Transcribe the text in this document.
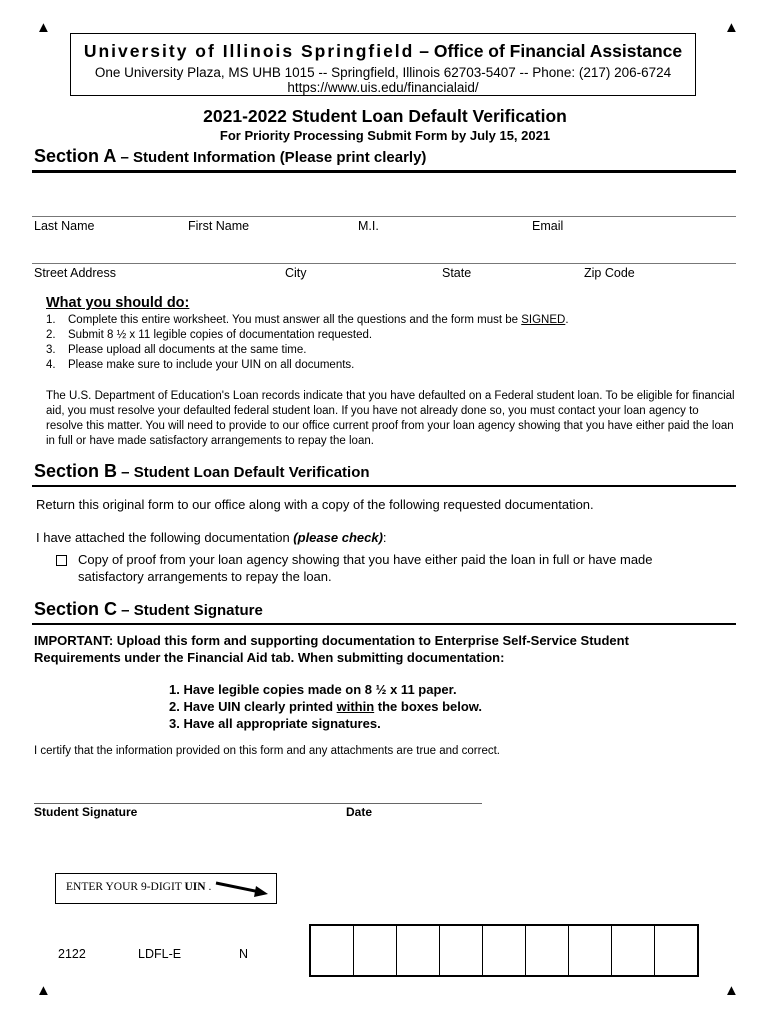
▲	▲
▲	▲
University of Illinois Springfield – Office of Financial Assistance
One University Plaza, MS UHB 1015 -- Springfield, Illinois 62703-5407 -- Phone: (217) 206-6724
https://www.uis.edu/financialaid/
2021-2022 Student Loan Default Verification
For Priority Processing Submit Form by July 15, 2021
Section A – Student Information (Please print clearly)
Last Name	First Name	M.I.	Email
Street Address	City	State	Zip Code
What you should do:
1. Complete this entire worksheet. You must answer all the questions and the form must be SIGNED.
2. Submit 8 ½ x 11 legible copies of documentation requested.
3. Please upload all documents at the same time.
4. Please make sure to include your UIN on all documents.
The U.S. Department of Education's Loan records indicate that you have defaulted on a Federal student loan. To be eligible for financial aid, you must resolve your defaulted federal student loan. If you have not already done so, you must contact your loan agency to resolve this matter. You will need to provide to our office current proof from your loan agency showing that you have either paid the loan in full or have made satisfactory arrangements to repay the loan.
Section B – Student Loan Default Verification
Return this original form to our office along with a copy of the following requested documentation.
I have attached the following documentation (please check):
Copy of proof from your loan agency showing that you have either paid the loan in full or have made
satisfactory arrangements to repay the loan.
Section C – Student Signature
IMPORTANT: Upload this form and supporting documentation to Enterprise Self-Service Student
Requirements under the Financial Aid tab. When submitting documentation:
1. Have legible copies made on 8 ½ x 11 paper.
2. Have UIN clearly printed within the boxes below.
3. Have all appropriate signatures.
I certify that the information provided on this form and any attachments are true and correct.
Student Signature	Date
ENTER YOUR 9-DIGIT UIN .
2122	LDFL-E	N
